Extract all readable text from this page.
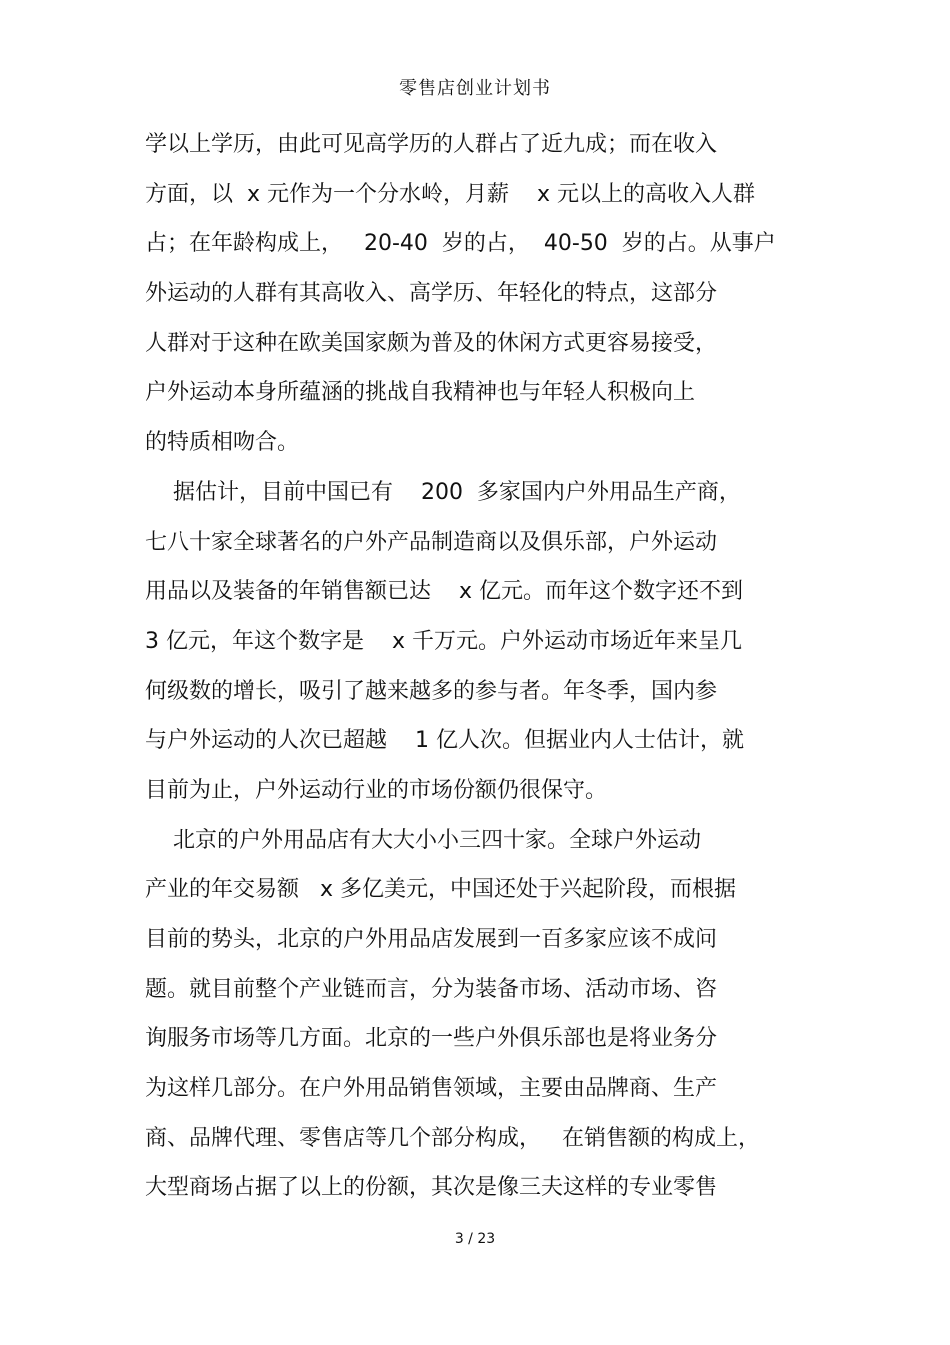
零售店创业计划书
学以上学历，由此可见高学历的人群占了近九成；而在收入
方面，以  x 元作为一个分水岭，月薪    x 元以上的高收入人群
占；在年龄构成上，   20-40  岁的占，  40-50  岁的占。从事户
外运动的人群有其高收入、高学历、年轻化的特点，这部分
人群对于这种在欧美国家颇为普及的休闲方式更容易接受，
户外运动本身所蕴涵的挑战自我精神也与年轻人积极向上
的特质相吻合。
据估计，目前中国已有    200  多家国内户外用品生产商，
七八十家全球著名的户外产品制造商以及俱乐部，户外运动
用品以及装备的年销售额已达    x 亿元。而年这个数字还不到
3 亿元，年这个数字是    x 千万元。户外运动市场近年来呈几
何级数的增长，吸引了越来越多的参与者。年冬季，国内参
与户外运动的人次已超越    1 亿人次。但据业内人士估计，就
目前为止，户外运动行业的市场份额仍很保守。
北京的户外用品店有大大小小三四十家。全球户外运动
产业的年交易额   x 多亿美元，中国还处于兴起阶段，而根据
目前的势头，北京的户外用品店发展到一百多家应该不成问
题。就目前整个产业链而言，分为装备市场、活动市场、咨
询服务市场等几方面。北京的一些户外俱乐部也是将业务分
为这样几部分。在户外用品销售领域，主要由品牌商、生产
商、品牌代理、零售店等几个部分构成，   在销售额的构成上，
大型商场占据了以上的份额，其次是像三夫这样的专业零售
3 / 23
